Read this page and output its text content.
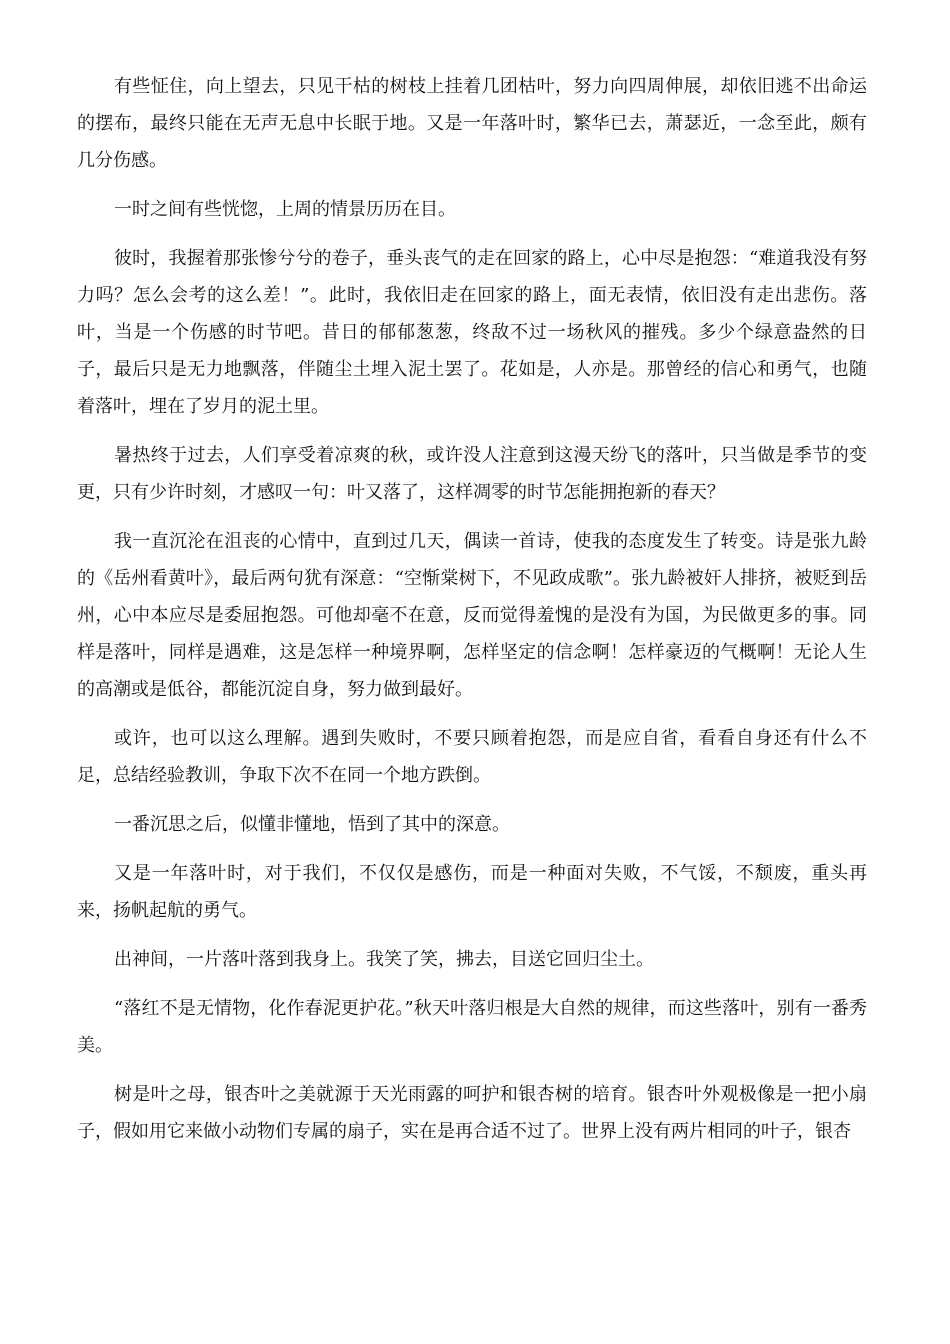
有些怔住，向上望去，只见干枯的树枝上挂着几团枯叶，努力向四周伸展，却依旧逃不出命运的摆布，最终只能在无声无息中长眠于地。又是一年落叶时，繁华已去，萧瑟近，一念至此，颇有几分伤感。

一时之间有些恍惚，上周的情景历历在目。

彼时，我握着那张惨兮兮的卷子，垂头丧气的走在回家的路上，心中尽是抱怨：“难道我没有努力吗？怎么会考的这么差！”。此时，我依旧走在回家的路上，面无表情，依旧没有走出悲伤。落叶，当是一个伤感的时节吧。昔日的郁郁葱葱，终敌不过一场秋风的摧残。多少个绿意盎然的日子，最后只是无力地飘落，伴随尘土埋入泥土罢了。花如是，人亦是。那曾经的信心和勇气，也随着落叶，埋在了岁月的泥土里。

暑热终于过去，人们享受着凉爽的秋，或许没人注意到这漫天纷飞的落叶，只当做是季节的变更，只有少许时刻，才感叹一句：叶又落了，这样凋零的时节怎能拥抱新的春天？

我一直沉沦在沮丧的心情中，直到过几天，偶读一首诗，使我的态度发生了转变。诗是张九龄的《岳州看黄叶》，最后两句犹有深意：“空惭棠树下，不见政成歌”。张九龄被奸人排挤，被贬到岳州，心中本应尽是委屈抱怨。可他却毫不在意，反而觉得羞愧的是没有为国，为民做更多的事。同样是落叶，同样是遇难，这是怎样一种境界啊，怎样坚定的信念啊！怎样豪迈的气概啊！无论人生的高潮或是低谷，都能沉淀自身，努力做到最好。

或许，也可以这么理解。遇到失败时，不要只顾着抱怨，而是应自省，看看自身还有什么不足，总结经验教训，争取下次不在同一个地方跌倒。

一番沉思之后，似懂非懂地，悟到了其中的深意。

又是一年落叶时，对于我们，不仅仅是感伤，而是一种面对失败，不气馁，不颓废，重头再来，扬帆起航的勇气。

出神间，一片落叶落到我身上。我笑了笑，拂去，目送它回归尘土。

“落红不是无情物，化作春泥更护花。”秋天叶落归根是大自然的规律，而这些落叶，别有一番秀美。

树是叶之母，银杏叶之美就源于天光雨露的呵护和银杏树的培育。银杏叶外观极像是一把小扇子，假如用它来做小动物们专属的扇子，实在是再合适不过了。世界上没有两片相同的叶子，银杏
